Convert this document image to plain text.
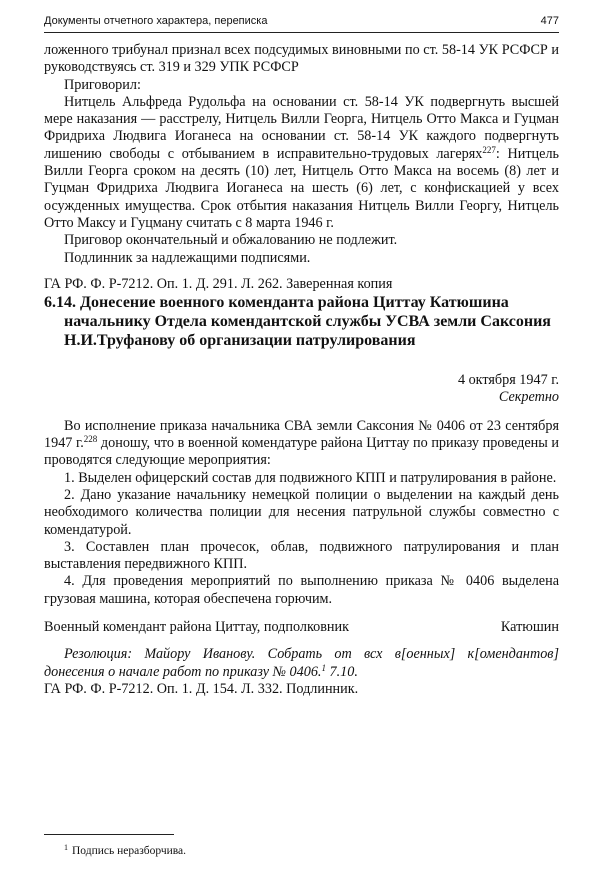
Документы отчетного характера, переписка	477

ложенного трибунал признал всех подсудимых виновными по ст. 58-14 УК РСФСР и руководствуясь ст. 319 и 329 УПК РСФСР

Приговорил:

Нитцель Альфреда Рудольфа на основании ст. 58-14 УК подвергнуть высшей мере наказания — расстрелу, Нитцель Вилли Георга, Нитцель Отто Макса и Гуцман Фридриха Людвига Иоганеса на основании ст. 58-14 УК каждого подвергнуть лишению свободы с отбыванием в исправительно-трудовых лагерях$^{227}$: Нитцель Вилли Георга сроком на десять (10) лет, Нитцель Отто Макса на восемь (8) лет и Гуцман Фридриха Людвига Иоганеса на шесть (6) лет, с конфискацией у всех осужденных имущества. Срок отбытия наказания Нитцель Вилли Георгу, Нитцель Отто Максу и Гуцману считать с 8 марта 1946 г.

Приговор окончательный и обжалованию не подлежит.

Подлинник за надлежащими подписями.

ГА РФ. Ф. Р-7212. Оп. 1. Д. 291. Л. 262. Заверенная копия

6.14. Донесение военного коменданта района Циттау Катюшина начальнику Отдела комендантской службы УСВА земли Саксония Н.И.Труфанову об организации патрулирования

4 октября 1947 г.

Секретно

Во исполнение приказа начальника СВА земли Саксония № 0406 от 23 сентября 1947 г.$^{228}$ доношу, что в военной комендатуре района Циттау по приказу проведены и проводятся следующие мероприятия:

1. Выделен офицерский состав для подвижного КПП и патрулирования в районе.

2. Дано указание начальнику немецкой полиции о выделении на каждый день необходимого количества полиции для несения патрульной службы совместно с комендатурой.

3. Составлен план прочесок, облав, подвижного патрулирования и план выставления передвижного КПП.

4. Для проведения мероприятий по выполнению приказа № 0406 выделена грузовая машина, которая обеспечена горючим.

Военный комендант района Циттау, подполковник	Катюшин

Резолюция: Майору Иванову. Собрать от всх в[оенных] к[омендантов] донесения о начале работ по приказу № 0406.$^1$ 7.10.

ГА РФ. Ф. Р-7212. Оп. 1. Д. 154. Л. 332. Подлинник.

$^1$ Подпись неразборчива.
